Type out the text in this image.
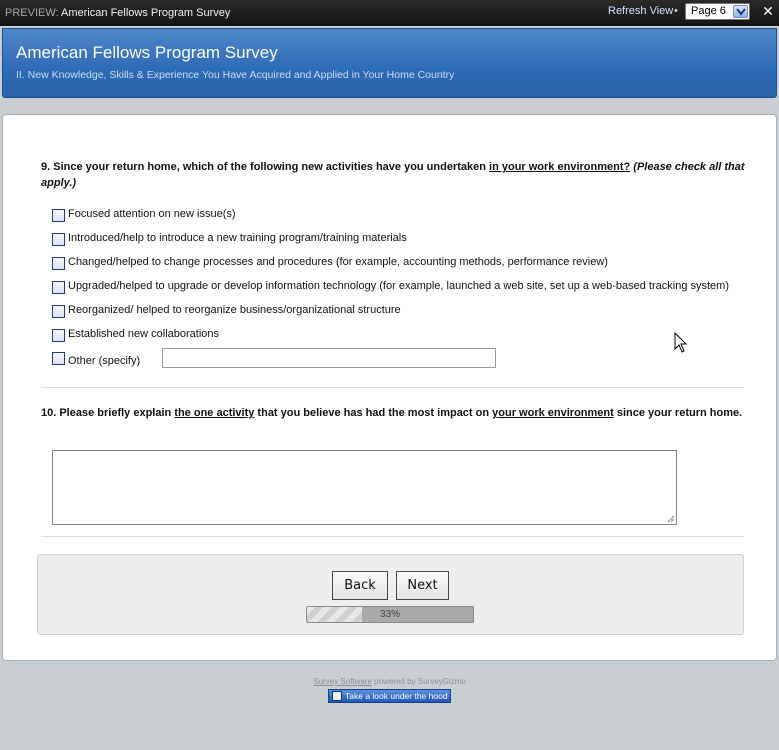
PREVIEW: American Fellows Program Survey	Refresh View •	Page 6	✕
American Fellows Program Survey
II. New Knowledge, Skills & Experience You Have Acquired and Applied in Your Home Country
9. Since your return home, which of the following new activities have you undertaken in your work environment? (Please check all that apply.)
Focused attention on new issue(s)
Introduced/help to introduce a new training program/training materials
Changed/helped to change processes and procedures (for example, accounting methods, performance review)
Upgraded/helped to upgrade or develop information technology (for example, launched a web site, set up a web-based tracking system)
Reorganized/ helped to reorganize business/organizational structure
Established new collaborations
Other (specify)
10. Please briefly explain the one activity that you believe has had the most impact on your work environment since your return home.
Back	Next
33%
Survey Software powered by SurveyGizmo
Take a look under the hood
